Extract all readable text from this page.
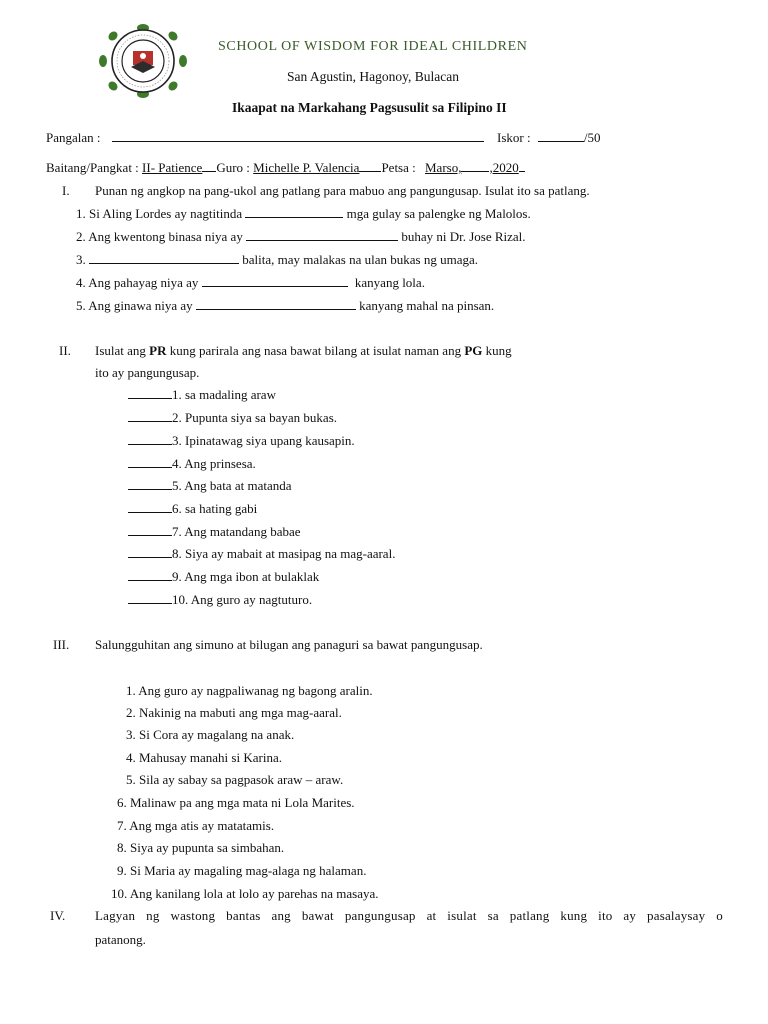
SCHOOL OF WISDOM FOR IDEAL CHILDREN
San Agustin, Hagonoy, Bulacan
Ikaapat na Markahang Pagsusulit sa Filipino II
Pangalan :	Iskor :	/50
Baitang/Pangkat : II- Patience Guro : Michelle P. Valencia Petsa : Marso, ,2020
I. Punan ng angkop na pang-ukol ang patlang para mabuo ang pangungusap. Isulat ito sa patlang.
1. Si Aling Lordes ay nagtitinda	mga gulay sa palengke ng Malolos.
2. Ang kwentong binasa niya ay	buhay ni Dr. Jose Rizal.
3.	balita, may malakas na ulan bukas ng umaga.
4. Ang pahayag niya ay	kanyang lola.
5. Ang ginawa niya ay	kanyang mahal na pinsan.
II. Isulat ang PR kung parirala ang nasa bawat bilang at isulat naman ang PG kung
ito ay pangungusap.
1. sa madaling araw
2. Pupunta siya sa bayan bukas.
3. Ipinatawag siya upang kausapin.
4. Ang prinsesa.
5. Ang bata at matanda
6. sa hating gabi
7. Ang matandang babae
8. Siya ay mabait at masipag na mag-aaral.
9. Ang mga ibon at bulaklak
10. Ang guro ay nagtuturo.
III. Salungguhitan ang simuno at bilugan ang panaguri sa bawat pangungusap.
1. Ang guro ay nagpaliwanag ng bagong aralin.
2. Nakinig na mabuti ang mga mag-aaral.
3. Si Cora ay magalang na anak.
4. Mahusay manahi si Karina.
5. Sila ay sabay sa pagpasok araw – araw.
6. Malinaw pa ang mga mata ni Lola Marites.
7. Ang mga atis ay matatamis.
8. Siya ay pupunta sa simbahan.
9. Si Maria ay magaling mag-alaga ng halaman.
10. Ang kanilang lola at lolo ay parehas na masaya.
IV. Lagyan ng wastong bantas ang bawat pangungusap at isulat sa patlang kung ito ay pasalaysay o
patanong.
